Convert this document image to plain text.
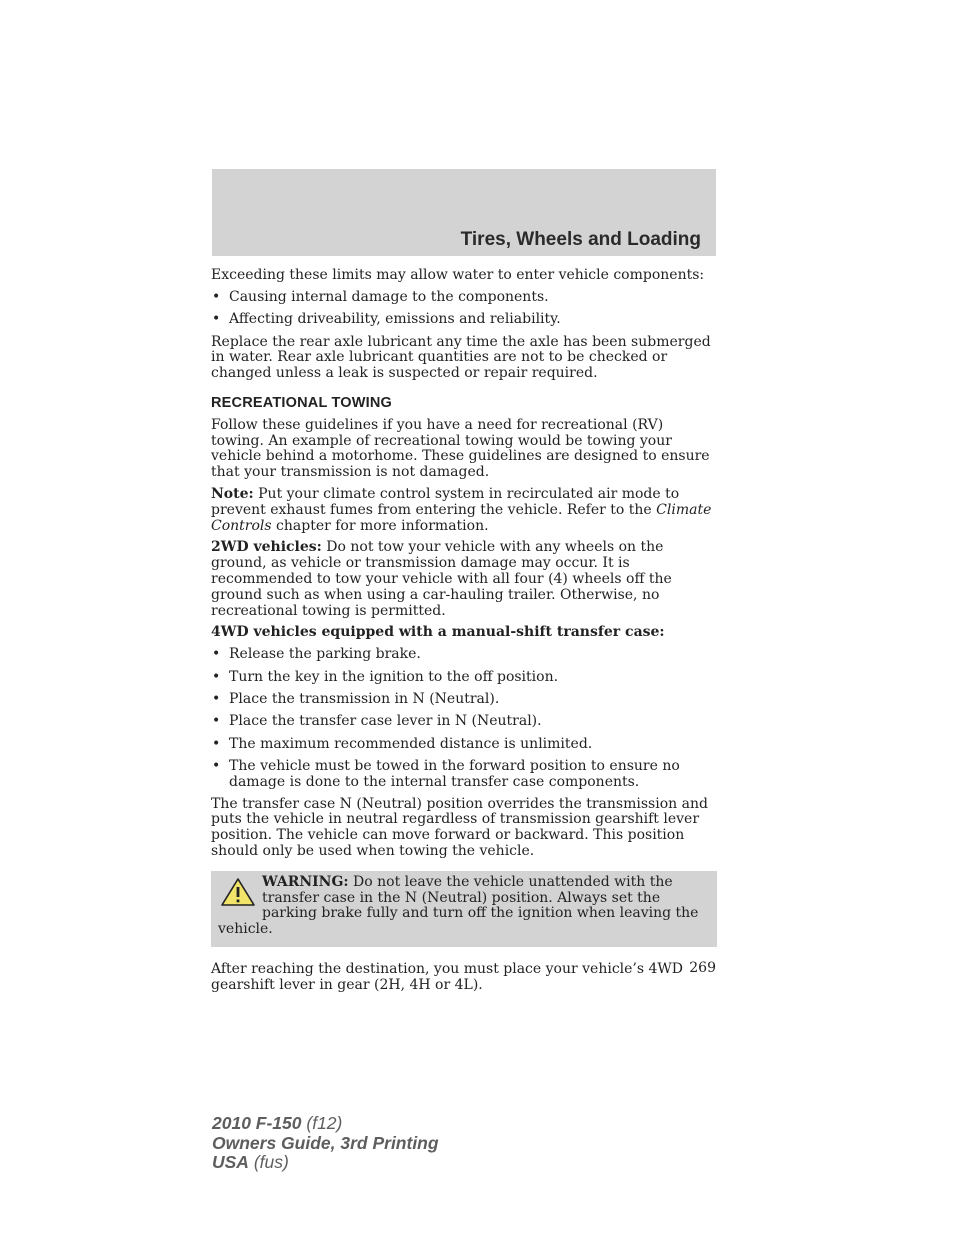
Tires, Wheels and Loading

Exceeding these limits may allow water to enter vehicle components:

• Causing internal damage to the components.
• Affecting driveability, emissions and reliability.

Replace the rear axle lubricant any time the axle has been submerged in water. Rear axle lubricant quantities are not to be checked or changed unless a leak is suspected or repair required.

RECREATIONAL TOWING

Follow these guidelines if you have a need for recreational (RV) towing. An example of recreational towing would be towing your vehicle behind a motorhome. These guidelines are designed to ensure that your transmission is not damaged.

Note: Put your climate control system in recirculated air mode to prevent exhaust fumes from entering the vehicle. Refer to the Climate Controls chapter for more information.

2WD vehicles: Do not tow your vehicle with any wheels on the ground, as vehicle or transmission damage may occur. It is recommended to tow your vehicle with all four (4) wheels off the ground such as when using a car-hauling trailer. Otherwise, no recreational towing is permitted.

4WD vehicles equipped with a manual-shift transfer case:

• Release the parking brake.
• Turn the key in the ignition to the off position.
• Place the transmission in N (Neutral).
• Place the transfer case lever in N (Neutral).
• The maximum recommended distance is unlimited.
• The vehicle must be towed in the forward position to ensure no damage is done to the internal transfer case components.

The transfer case N (Neutral) position overrides the transmission and puts the vehicle in neutral regardless of transmission gearshift lever position. The vehicle can move forward or backward. This position should only be used when towing the vehicle.

WARNING: Do not leave the vehicle unattended with the transfer case in the N (Neutral) position. Always set the parking brake fully and turn off the ignition when leaving the vehicle.

After reaching the destination, you must place your vehicle’s 4WD gearshift lever in gear (2H, 4H or 4L).

269
2010 F-150 (f12)
Owners Guide, 3rd Printing
USA (fus)
